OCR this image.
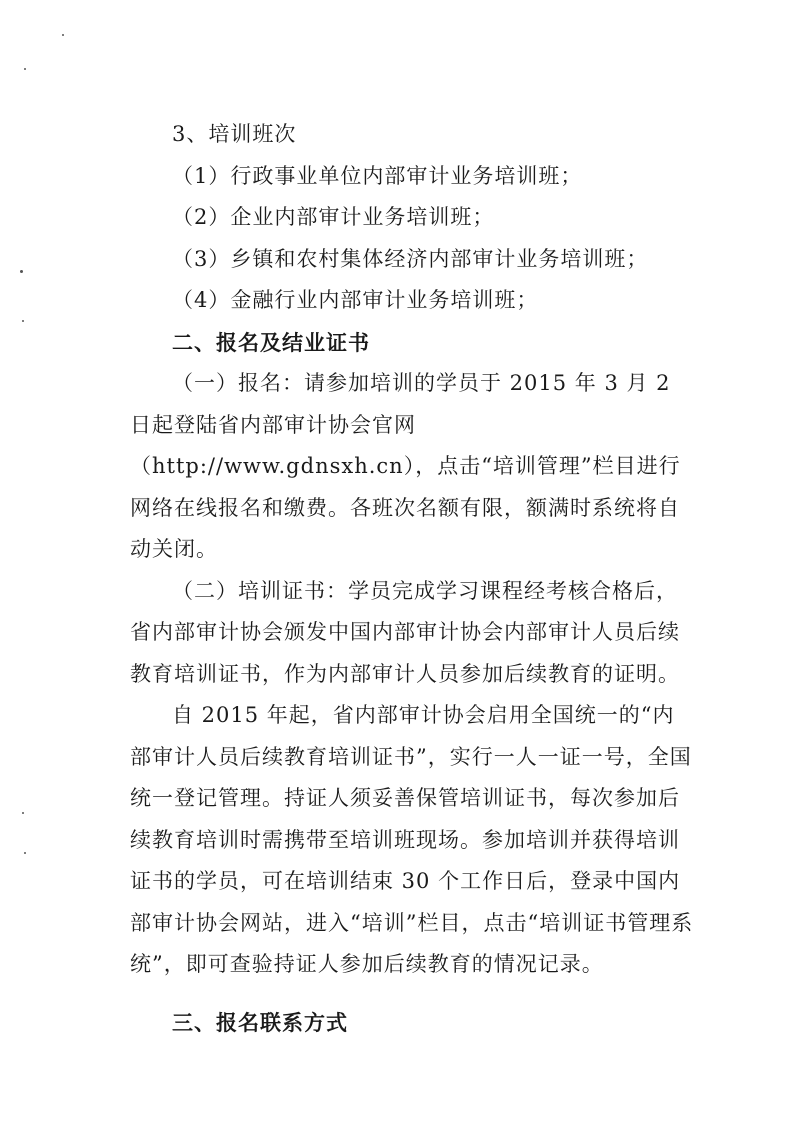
3、培训班次

（1）行政事业单位内部审计业务培训班；

（2）企业内部审计业务培训班；

（3）乡镇和农村集体经济内部审计业务培训班；

（4）金融行业内部审计业务培训班；

二、报名及结业证书

（一）报名：请参加培训的学员于 2015 年 3 月 2 日起登陆省内部审计协会官网（http://www.gdnsxh.cn），点击“培训管理”栏目进行网络在线报名和缴费。各班次名额有限，额满时系统将自动关闭。

（二）培训证书：学员完成学习课程经考核合格后，省内部审计协会颁发中国内部审计协会内部审计人员后续教育培训证书，作为内部审计人员参加后续教育的证明。

自 2015 年起，省内部审计协会启用全国统一的“内部审计人员后续教育培训证书”，实行一人一证一号，全国统一登记管理。持证人须妥善保管培训证书，每次参加后续教育培训时需携带至培训班现场。参加培训并获得培训证书的学员，可在培训结束 30 个工作日后，登录中国内部审计协会网站，进入“培训”栏目，点击“培训证书管理系统”，即可查验持证人参加后续教育的情况记录。

三、报名联系方式
